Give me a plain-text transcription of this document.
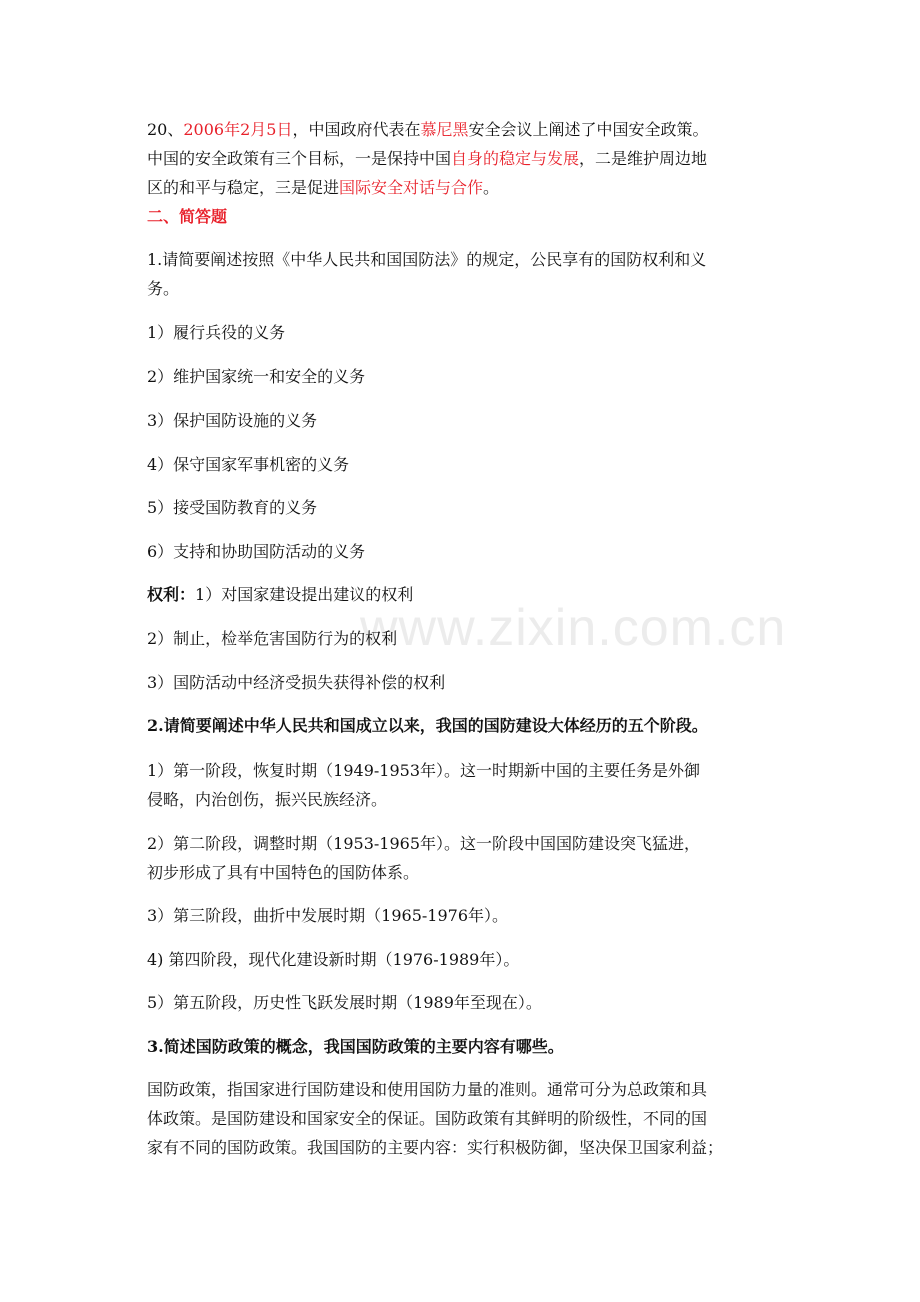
www.zixin.com.cn
20、2006年2月5日，中国政府代表在慕尼黑安全会议上阐述了中国安全政策。
中国的安全政策有三个目标，一是保持中国自身的稳定与发展，二是维护周边地
区的和平与稳定，三是促进国际安全对话与合作。
二、简答题
1.请简要阐述按照《中华人民共和国国防法》的规定，公民享有的国防权利和义
务。
1）履行兵役的义务
2）维护国家统一和安全的义务
3）保护国防设施的义务
4）保守国家军事机密的义务
5）接受国防教育的义务
6）支持和协助国防活动的义务
权利：1）对国家建设提出建议的权利
2）制止，检举危害国防行为的权利
3）国防活动中经济受损失获得补偿的权利
2.请简要阐述中华人民共和国成立以来，我国的国防建设大体经历的五个阶段。
1）第一阶段，恢复时期（1949-1953年）。这一时期新中国的主要任务是外御
侵略，内治创伤，振兴民族经济。
2）第二阶段，调整时期（1953-1965年）。这一阶段中国国防建设突飞猛进，
初步形成了具有中国特色的国防体系。
3）第三阶段，曲折中发展时期（1965-1976年）。
4) 第四阶段，现代化建设新时期（1976-1989年）。
5）第五阶段，历史性飞跃发展时期（1989年至现在）。
3.简述国防政策的概念，我国国防政策的主要内容有哪些。
国防政策，指国家进行国防建设和使用国防力量的准则。通常可分为总政策和具
体政策。是国防建设和国家安全的保证。国防政策有其鲜明的阶级性，不同的国
家有不同的国防政策。我国国防的主要内容：实行积极防御，坚决保卫国家利益；
